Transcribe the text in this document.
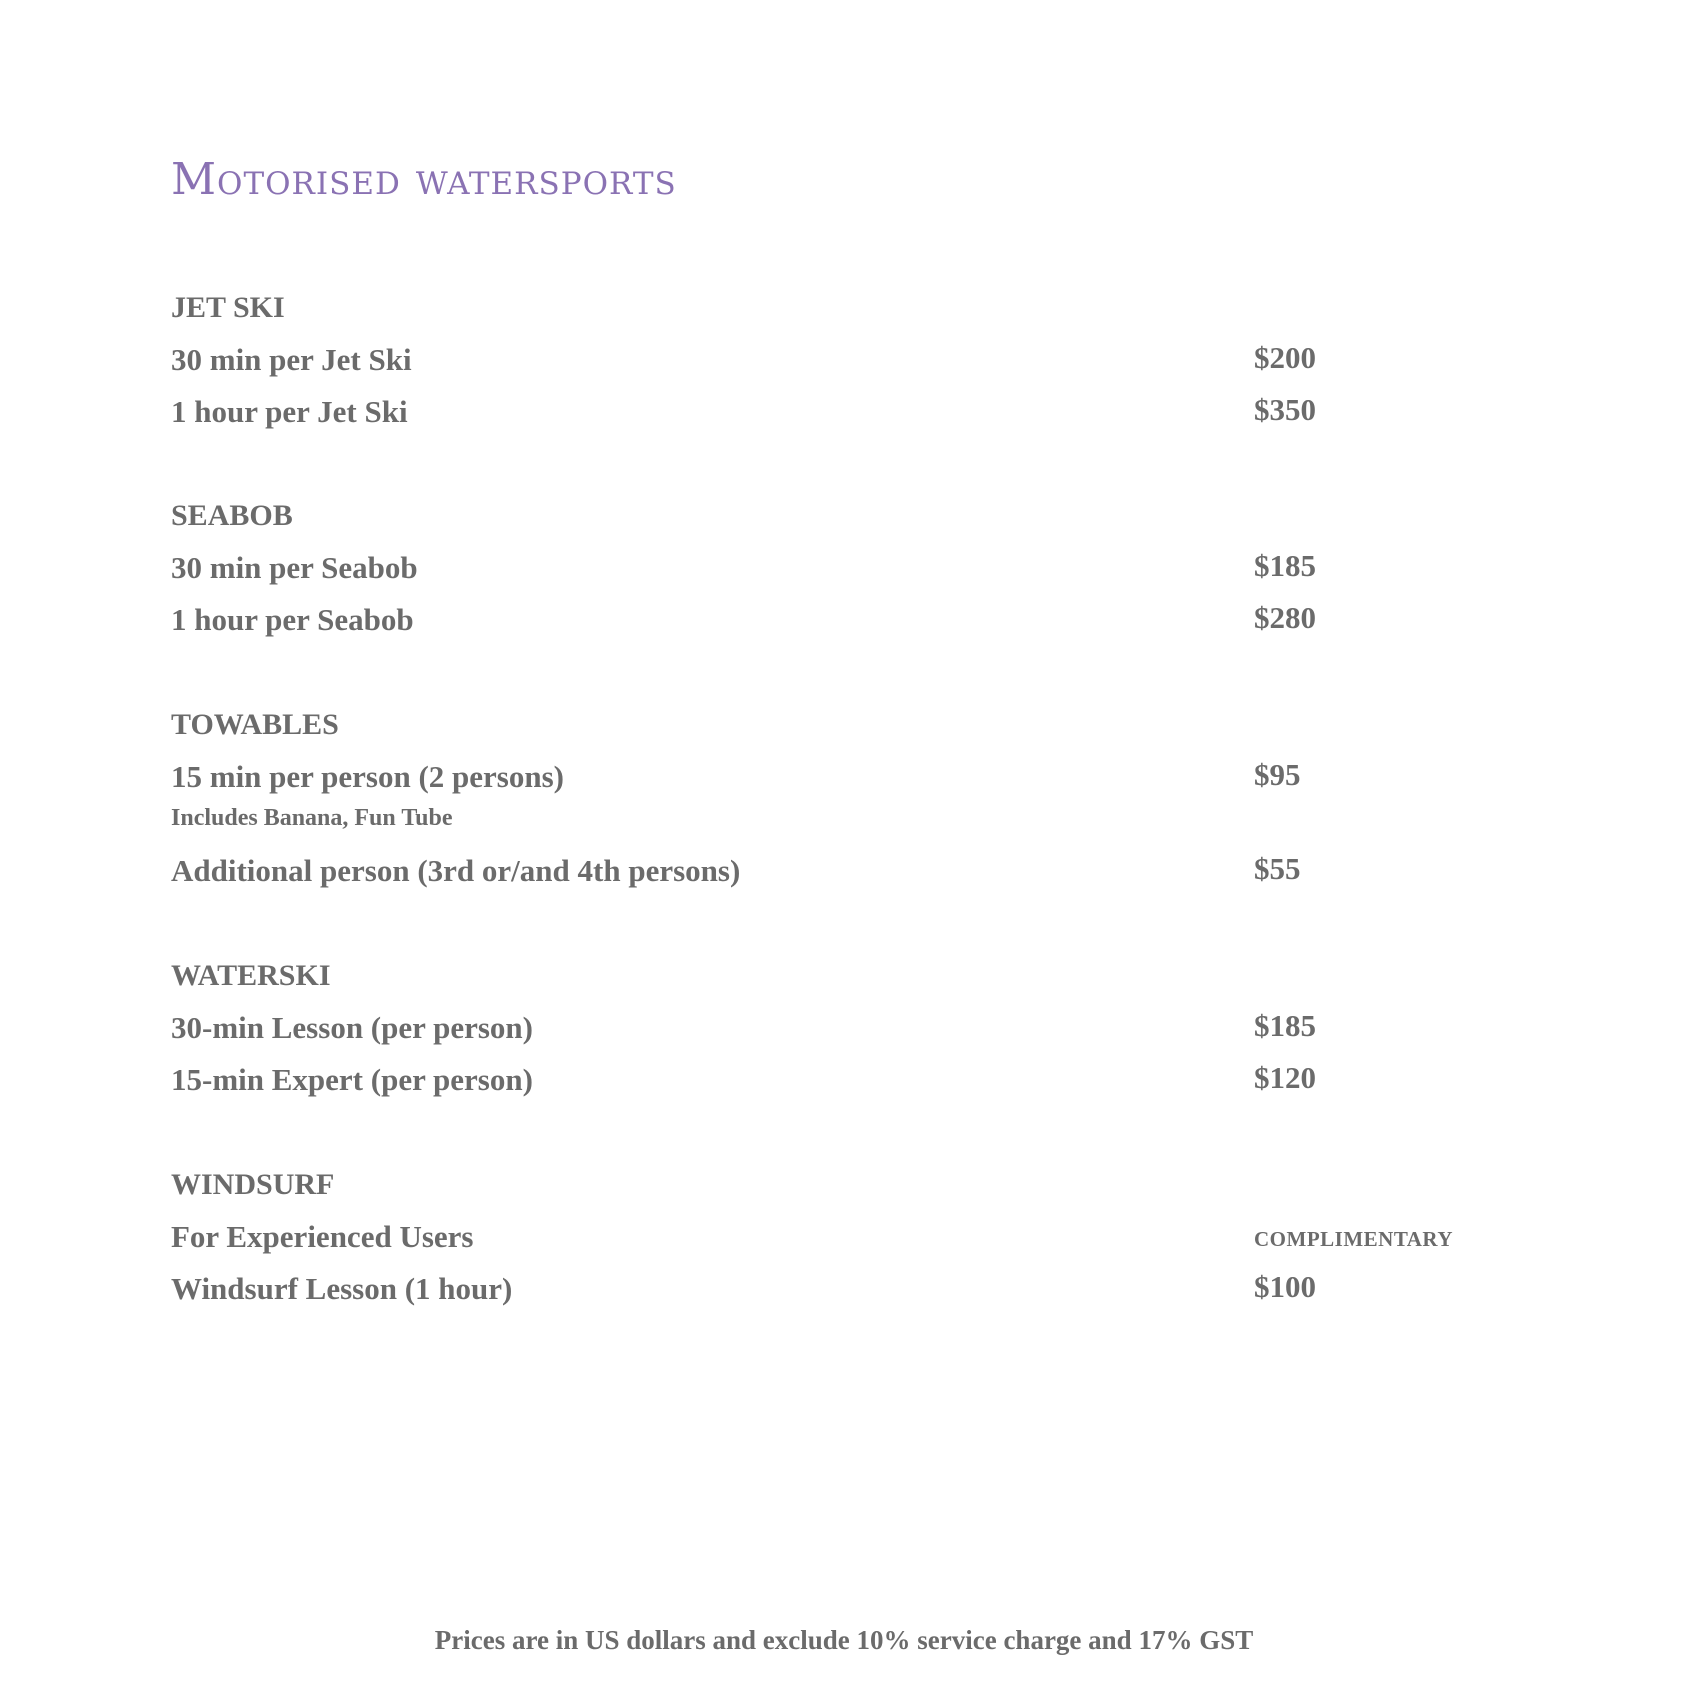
Motorised watersports
JET SKI
30 min per Jet Ski	$200
1 hour per Jet Ski	$350
SEABOB
30 min per Seabob	$185
1 hour per Seabob	$280
TOWABLES
15 min per person (2 persons)	$95
Includes Banana, Fun Tube
Additional person (3rd or/and 4th persons)	$55
WATERSKI
30-min Lesson (per person)	$185
15-min Expert (per person)	$120
WINDSURF
For Experienced Users	COMPLIMENTARY
Windsurf Lesson (1 hour)	$100

Prices are in US dollars and exclude 10% service charge and 17% GST
